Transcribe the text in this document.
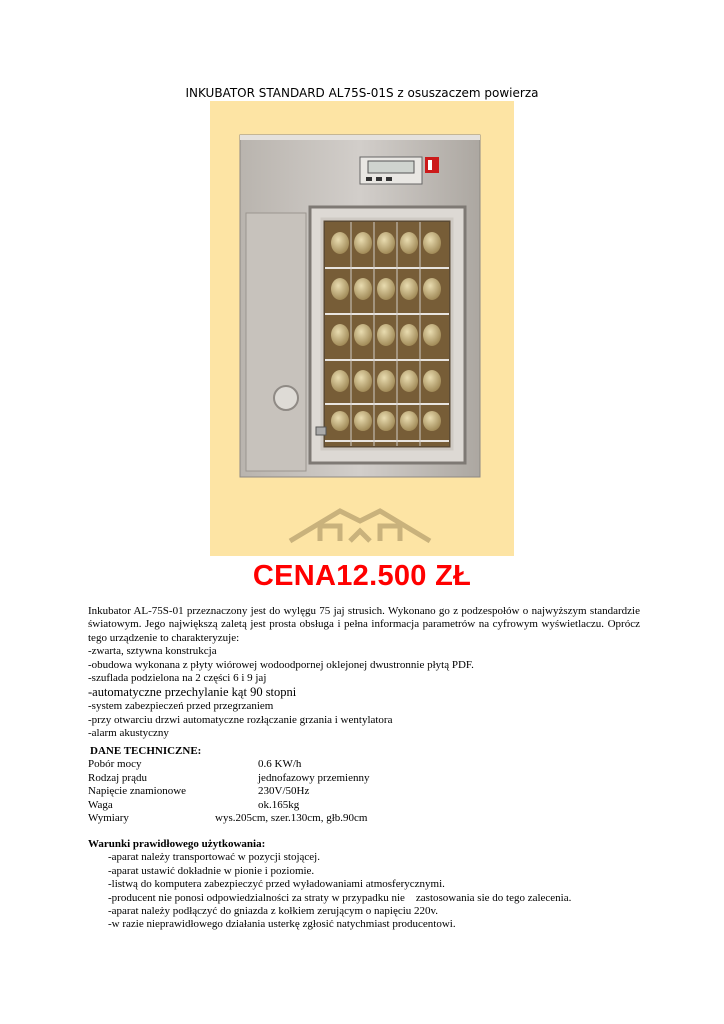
INKUBATOR STANDARD AL75S-01S z osuszaczem powierza
CENA12.500 ZŁ

Inkubator AL-75S-01 przeznaczony jest do wylęgu 75 jaj strusich. Wykonano go z podzespołów o najwyższym standardzie światowym. Jego największą zaletą jest prosta obsługa i pełna informacja parametrów na cyfrowym wyświetlaczu. Oprócz tego urządzenie to charakteryzuje:

-zwarta, sztywna konstrukcja

-obudowa wykonana z płyty wiórowej wodoodpornej oklejonej dwustronnie płytą PDF.

-szuflada podzielona na 2 części 6 i 9 jaj

-automatyczne przechylanie kąt 90 stopni

-system zabezpieczeń przed przegrzaniem

-przy otwarciu drzwi automatyczne rozłączanie grzania i wentylatora

-alarm akustyczny

DANE TECHNICZNE:
Pobór mocy	0.6 KW/h
Rodzaj prądu	jednofazowy przemienny
Napięcie znamionowe	230V/50Hz
Waga	ok.165kg
Wymiary	wys.205cm, szer.130cm, głb.90cm
Warunki prawidłowego użytkowania:
-aparat należy transportować w pozycji stojącej.
-aparat ustawić dokładnie w pionie i poziomie.
-listwą do komputera zabezpieczyć przed wyładowaniami atmosferycznymi.
-producent nie ponosi odpowiedzialności za straty w przypadku nie    zastosowania sie do tego zalecenia.
-aparat należy podłączyć do gniazda z kołkiem zerującym o napięciu 220v.
-w razie nieprawidłowego działania usterkę zgłosić natychmiast producentowi.
